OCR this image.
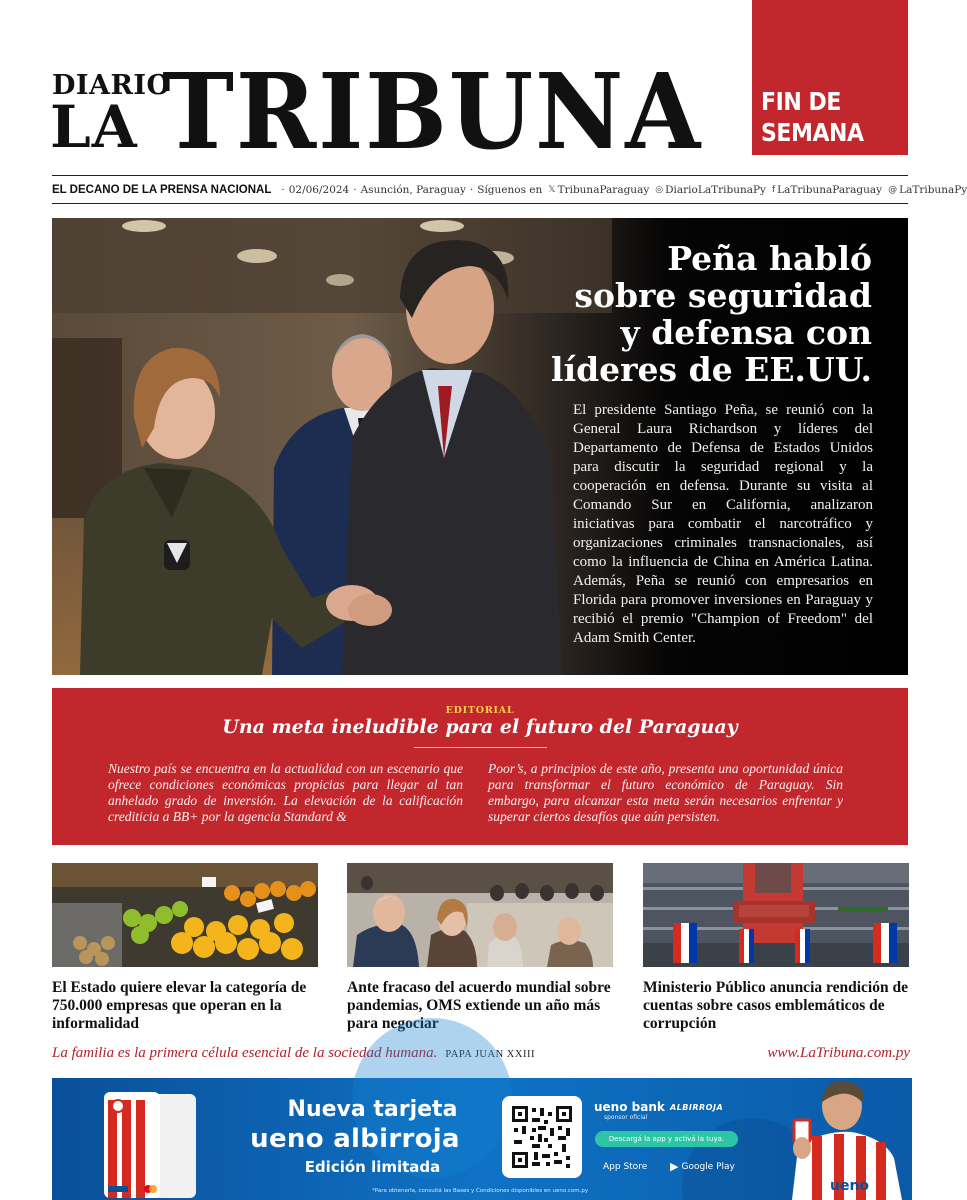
DIARIO
LA TRIBUNA FIN DE
SEMANA
EL DECANO DE LA PRENSA NACIONAL · 02/06/2024 · Asunción, Paraguay · Síguenos en 𝕏 TribunaParaguay ◎ DiarioLaTribunaPy f LaTribunaParaguay @ LaTribunaPy
Peña habló
sobre seguridad
y defensa con
líderes de EE.UU.

El presidente Santiago Peña, se reunió con la General Laura Richardson y líderes del Departamento de Defensa de Estados Unidos para discutir la seguridad regional y la cooperación en defensa. Durante su visita al Comando Sur en California, analizaron iniciativas para combatir el narcotráfico y organizaciones criminales transnacionales, así como la influencia de China en América Latina. Además, Peña se reunió con empresarios en Florida para promover inversiones en Paraguay y recibió el premio "Champion of Freedom" del Adam Smith Center.

EDITORIAL
Una meta ineludible para el futuro del Paraguay

Nuestro país se encuentra en la actualidad con un escenario que ofrece condiciones económicas propicias para llegar al tan anhelado grado de inversión. La elevación de la calificación crediticia a BB+ por la agencia Standard &

Poor’s, a principios de este año, presenta una oportunidad única para transformar el futuro económico de Paraguay. Sin embargo, para alcanzar esta meta serán necesarios enfrentar y superar ciertos desafíos que aún persisten.

El Estado quiere elevar la categoría de 750.000 empresas que operan en la informalidad
Ante fracaso del acuerdo mundial sobre pandemias, OMS extiende un año más para negociar
Ministerio Público anuncia rendición de cuentas sobre casos emblemáticos de corrupción
La familia es la primera célula esencial de la sociedad humana. PAPA JUAN XXIII	www.LaTribuna.com.py
Nueva tarjeta
ueno albirroja
Edición limitada
ueno bank
sponsor oficial
ALBIRROJA
Descargá la app y activá la tuya.
App Store ▶ Google Play
ueno
*Para obtenerla, consultá las Bases y Condiciones disponibles en ueno.com.py
